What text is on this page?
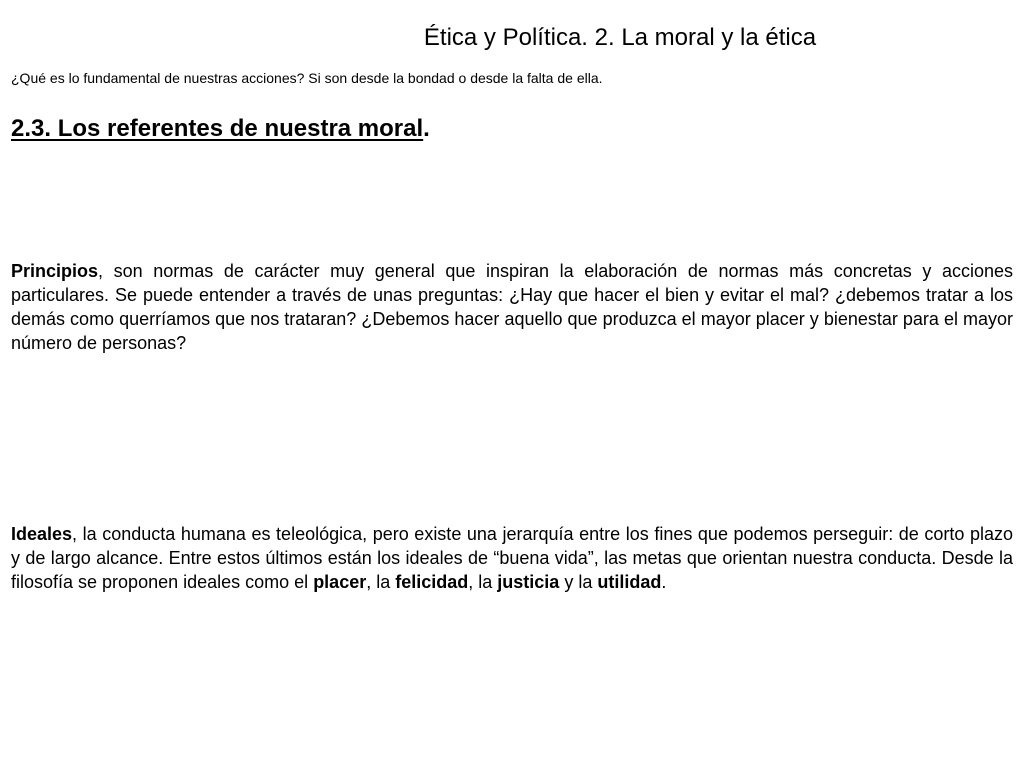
Ética y Política. 2. La moral y la ética
¿Qué es lo fundamental de nuestras acciones? Si son desde la bondad o desde la falta de ella.
2.3. Los referentes de nuestra moral.
Principios, son normas de carácter muy general que inspiran la elaboración de normas más concretas y acciones particulares. Se puede entender a través de unas preguntas: ¿Hay que hacer el bien y evitar el mal? ¿debemos tratar a los demás como querríamos que nos trataran? ¿Debemos hacer aquello que produzca el mayor placer y bienestar para el mayor número de personas?
Ideales, la conducta humana es teleológica, pero existe una jerarquía entre los fines que podemos perseguir: de corto plazo y de largo alcance. Entre estos últimos están los ideales de “buena vida”, las metas que orientan nuestra conducta. Desde la filosofía se proponen ideales como el placer, la felicidad, la justicia y la utilidad.
